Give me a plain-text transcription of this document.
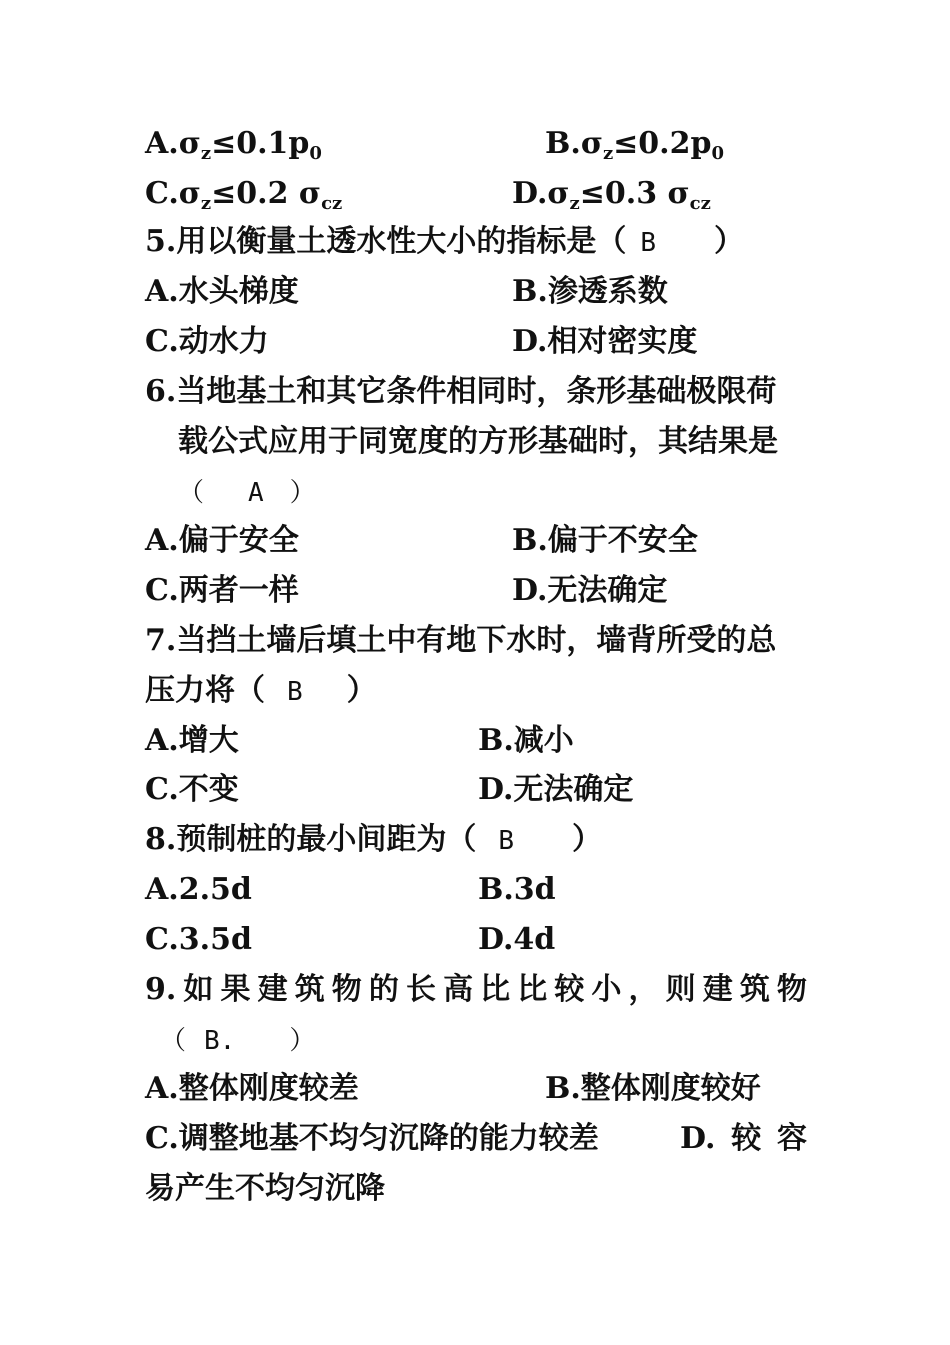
$A.\sigma_z\le 0.1p_0$	$B.\sigma_z\le 0.2p_0$
$C.\sigma_z\le 0.2$ $\sigma_{cz}$	$D.\sigma_z\le 0.3$ $\sigma_{cz}$
5.用以衡量土透水性大小的指标是（ B ）
A.水头梯度	B.渗透系数
C.动水力	D.相对密实度
6.当地基土和其它条件相同时，条形基础极限荷
载公式应用于同宽度的方形基础时，其结果是
（ A ）
A.偏于安全	B.偏于不安全
C.两者一样	D.无法确定
7.当挡土墙后填土中有地下水时，墙背所受的总
压力将（ B ）
A.增大	B.减小
C.不变	D.无法确定
8.预制桩的最小间距为（ B ）
A.2.5d	B.3d
C.3.5d	D.4d
9. 如 果 建 筑 物 的 长 高 比 比 较 小 ， 则 建 筑 物
（ B. ）
A.整体刚度较差	B.整体刚度较好
C.调整地基不均匀沉降的能力较差	D. 较 容
易产生不均匀沉降
